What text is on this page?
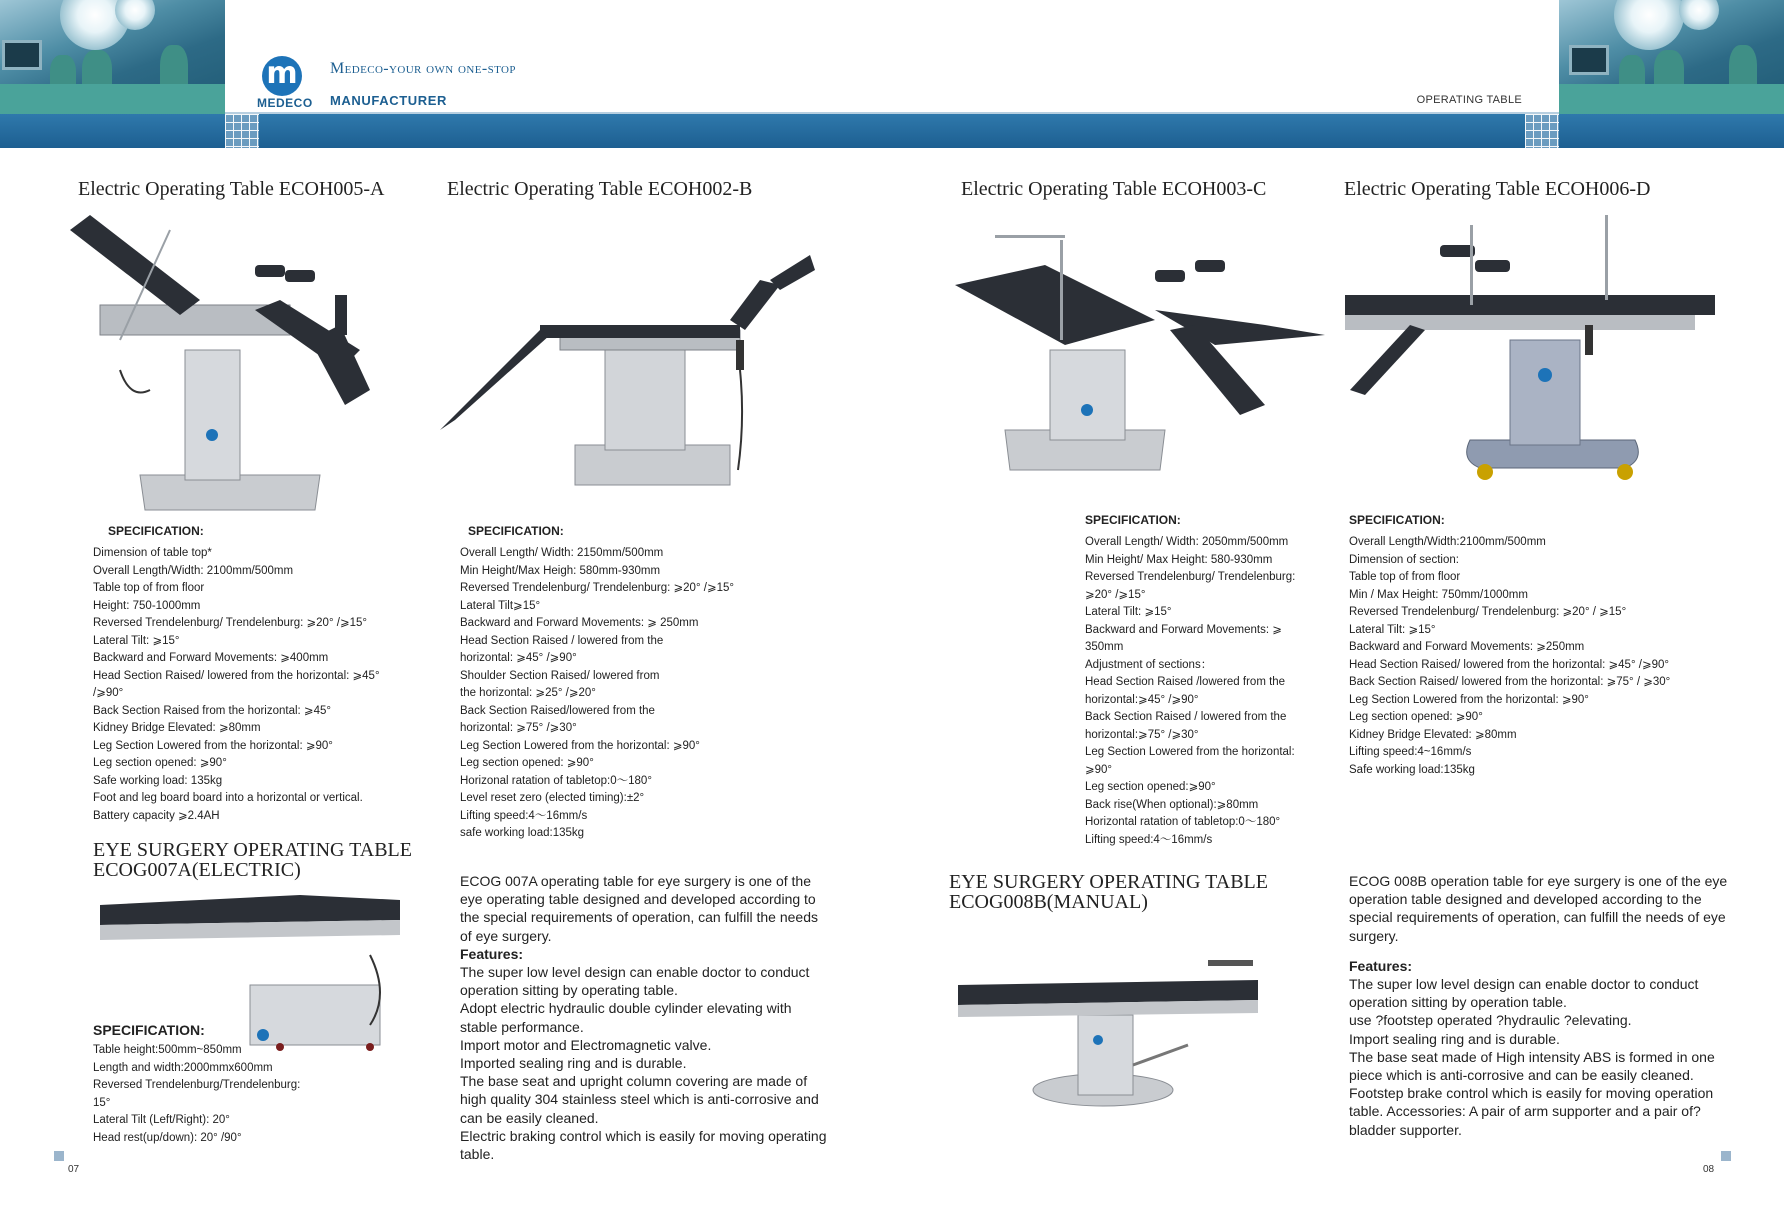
m
MEDECO
Medeco-your own one-stop
MANUFACTURER	OPERATING TABLE
Electric Operating Table ECOH005-A	Electric Operating Table ECOH002-B	Electric Operating Table ECOH003-C	Electric Operating Table ECOH006-D
SPECIFICATION:
Dimension of table top*
Overall Length/Width: 2100mm/500mm
Table top of from floor
Height: 750-1000mm
Reversed Trendelenburg/ Trendelenburg: ⩾20° /⩾15°
Lateral Tilt: ⩾15°
Backward and Forward Movements: ⩾400mm
Head Section Raised/ lowered from the horizontal: ⩾45°
/⩾90°
Back Section Raised from the horizontal: ⩾45°
Kidney Bridge Elevated: ⩾80mm
Leg Section Lowered from the horizontal: ⩾90°
Leg section opened: ⩾90°
Safe working load: 135kg
Foot and leg board board into a horizontal or vertical.
Battery capacity ⩾2.4AH
SPECIFICATION:
Overall Length/ Width: 2150mm/500mm
Min Height/Max Heigh: 580mm-930mm
Reversed Trendelenburg/ Trendelenburg: ⩾20° /⩾15°
Lateral Tilt⩾15°
Backward and Forward Movements: ⩾ 250mm
Head Section Raised / lowered from the
horizontal: ⩾45° /⩾90°
Shoulder Section Raised/ lowered from
the horizontal: ⩾25° /⩾20°
Back Section Raised/lowered from the
horizontal: ⩾75° /⩾30°
Leg Section Lowered from the horizontal: ⩾90°
Leg section opened: ⩾90°
Horizonal ratation of tabletop:0～180°
Level reset zero (elected timing):±2°
Lifting speed:4～16mm/s
safe working load:135kg
SPECIFICATION:
Overall Length/ Width: 2050mm/500mm
Min Height/ Max Height: 580-930mm
Reversed Trendelenburg/ Trendelenburg:
⩾20° /⩾15°
Lateral Tilt: ⩾15°
Backward and Forward Movements: ⩾
350mm
Adjustment of sections：
Head Section Raised /lowered from the
horizontal:⩾45° /⩾90°
Back Section Raised / lowered from the
horizontal:⩾75° /⩾30°
Leg Section Lowered from the horizontal:
⩾90°
Leg section opened:⩾90°
Back rise(When optional):⩾80mm
Horizontal ratation of tabletop:0～180°
Lifting speed:4～16mm/s
SPECIFICATION:
Overall Length/Width:2100mm/500mm
Dimension of section:
Table top of from floor
Min / Max Height: 750mm/1000mm
Reversed Trendelenburg/ Trendelenburg: ⩾20° / ⩾15°
Lateral Tilt: ⩾15°
Backward and Forward Movements: ⩾250mm
Head Section Raised/ lowered from the horizontal: ⩾45° /⩾90°
Back Section Raised/ lowered from the horizontal: ⩾75° / ⩾30°
Leg Section Lowered from the horizontal: ⩾90°
Leg section opened: ⩾90°
Kidney Bridge Elevated: ⩾80mm
Lifting speed:4~16mm/s
Safe working load:135kg
EYE SURGERY OPERATING TABLE
ECOG007A(ELECTRIC)
SPECIFICATION:
Table height:500mm~850mm
Length and width:2000mmx600mm
Reversed Trendelenburg/Trendelenburg:
15°
Lateral Tilt (Left/Right): 20°
Head rest(up/down): 20° /90°

ECOG 007A operating table for eye surgery is one of the eye operating table designed and developed according to the special requirements of operation, can fulfill the needs of eye surgery.

Features:

The super low level design can enable doctor to conduct operation sitting by operating table.

Adopt electric hydraulic double cylinder elevating with stable performance.

Import motor and Electromagnetic valve.

Imported sealing ring and is durable.

The base seat and upright column covering are made of high quality 304 stainless steel which is anti-corrosive and can be easily cleaned.

Electric braking control which is easily for moving operating table.

EYE SURGERY OPERATING TABLE
ECOG008B(MANUAL)

ECOG 008B operation table for eye surgery is one of the eye operation table designed and developed according to the special requirements of operation, can fulfill the needs of eye surgery.

Features:

The super low level design can enable doctor to conduct operation sitting by operation table.

use ?footstep operated ?hydraulic ?elevating.

Import sealing ring and is durable.

The base seat made of High intensity ABS is formed in one piece which is anti-corrosive and can be easily cleaned.

Footstep brake control which is easily for moving operation table. Accessories: A pair of arm supporter and a pair of?bladder supporter.

07	08
